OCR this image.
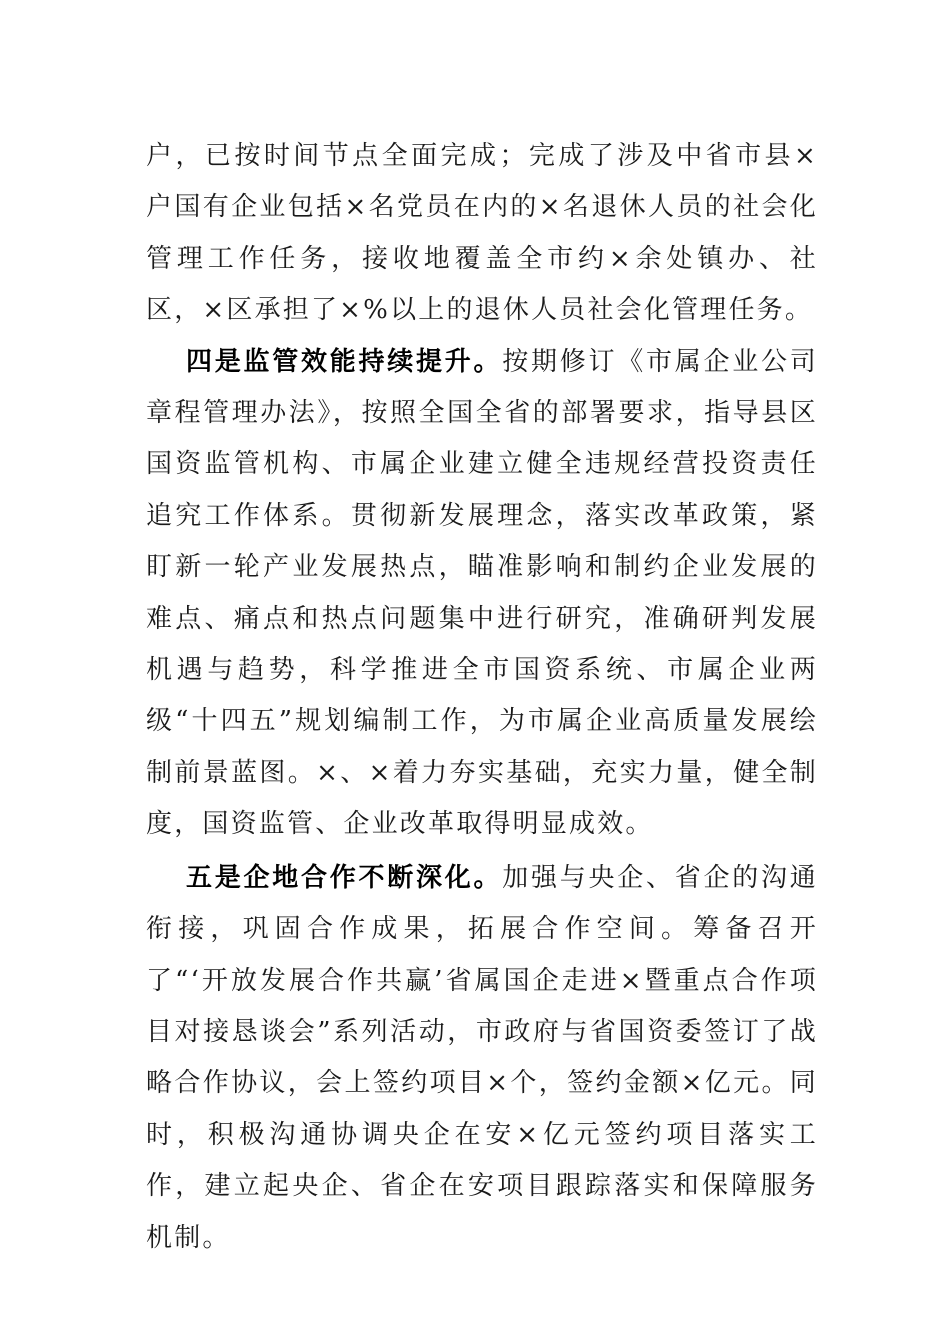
户，已按时间节点全面完成；完成了涉及中省市县×户国有企业包括×名党员在内的×名退休人员的社会化管理工作任务，接收地覆盖全市约×余处镇办、社区，×区承担了×%以上的退休人员社会化管理任务。

四是监管效能持续提升。按期修订《市属企业公司章程管理办法》，按照全国全省的部署要求，指导县区国资监管机构、市属企业建立健全违规经营投资责任追究工作体系。贯彻新发展理念，落实改革政策，紧盯新一轮产业发展热点，瞄准影响和制约企业发展的难点、痛点和热点问题集中进行研究，准确研判发展机遇与趋势，科学推进全市国资系统、市属企业两级“十四五”规划编制工作，为市属企业高质量发展绘制前景蓝图。×、×着力夯实基础，充实力量，健全制度，国资监管、企业改革取得明显成效。

五是企地合作不断深化。加强与央企、省企的沟通衔接，巩固合作成果，拓展合作空间。筹备召开了“‘开放发展合作共赢’省属国企走进×暨重点合作项目对接恳谈会”系列活动，市政府与省国资委签订了战略合作协议，会上签约项目×个，签约金额×亿元。同时，积极沟通协调央企在安×亿元签约项目落实工作，建立起央企、省企在安项目跟踪落实和保障服务机制。
